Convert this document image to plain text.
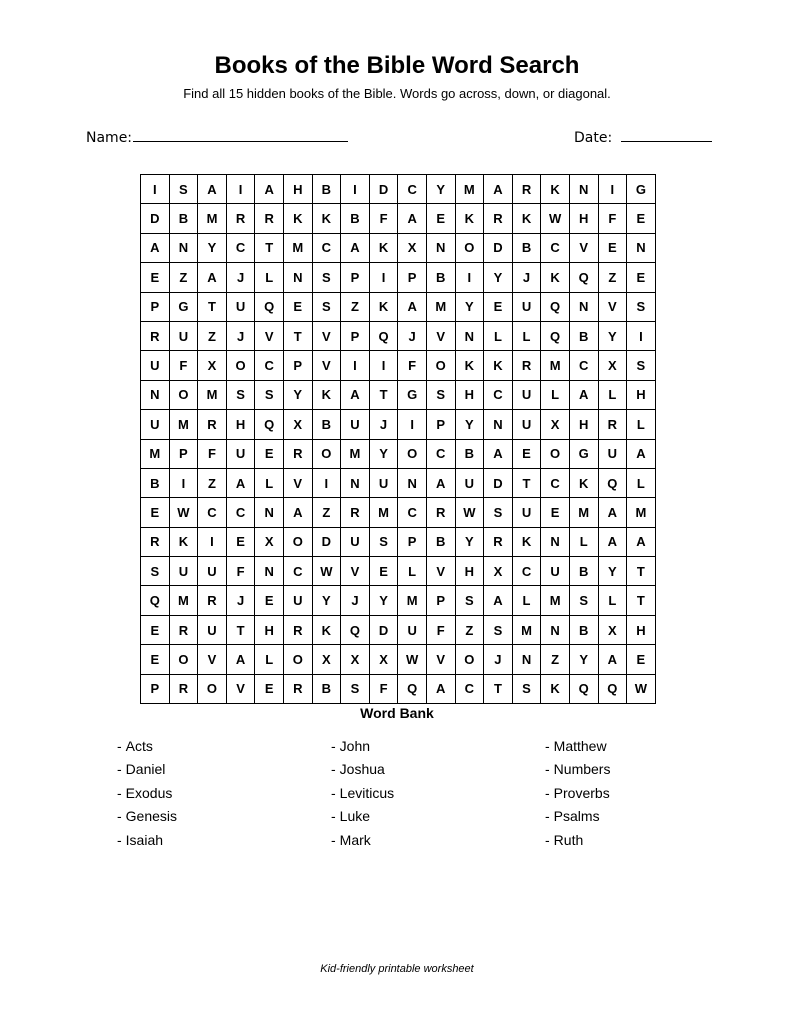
Books of the Bible Word Search
Find all 15 hidden books of the Bible. Words go across, down, or diagonal.
Name:	Date:
I	S	A	I	A	H	B	I	D	C	Y	M	A	R	K	N	I	G
D	B	M	R	R	K	K	B	F	A	E	K	R	K	W	H	F	E
A	N	Y	C	T	M	C	A	K	X	N	O	D	B	C	V	E	N
E	Z	A	J	L	N	S	P	I	P	B	I	Y	J	K	Q	Z	E
P	G	T	U	Q	E	S	Z	K	A	M	Y	E	U	Q	N	V	S
R	U	Z	J	V	T	V	P	Q	J	V	N	L	L	Q	B	Y	I
U	F	X	O	C	P	V	I	I	F	O	K	K	R	M	C	X	S
N	O	M	S	S	Y	K	A	T	G	S	H	C	U	L	A	L	H
U	M	R	H	Q	X	B	U	J	I	P	Y	N	U	X	H	R	L
M	P	F	U	E	R	O	M	Y	O	C	B	A	E	O	G	U	A
B	I	Z	A	L	V	I	N	U	N	A	U	D	T	C	K	Q	L
E	W	C	C	N	A	Z	R	M	C	R	W	S	U	E	M	A	M
R	K	I	E	X	O	D	U	S	P	B	Y	R	K	N	L	A	A
S	U	U	F	N	C	W	V	E	L	V	H	X	C	U	B	Y	T
Q	M	R	J	E	U	Y	J	Y	M	P	S	A	L	M	S	L	T
E	R	U	T	H	R	K	Q	D	U	F	Z	S	M	N	B	X	H
E	O	V	A	L	O	X	X	X	W	V	O	J	N	Z	Y	A	E
P	R	O	V	E	R	B	S	F	Q	A	C	T	S	K	Q	Q	W
Word Bank
- Acts
- Daniel
- Exodus
- Genesis
- Isaiah
- John
- Joshua
- Leviticus
- Luke
- Mark
- Matthew
- Numbers
- Proverbs
- Psalms
- Ruth
Kid-friendly printable worksheet
